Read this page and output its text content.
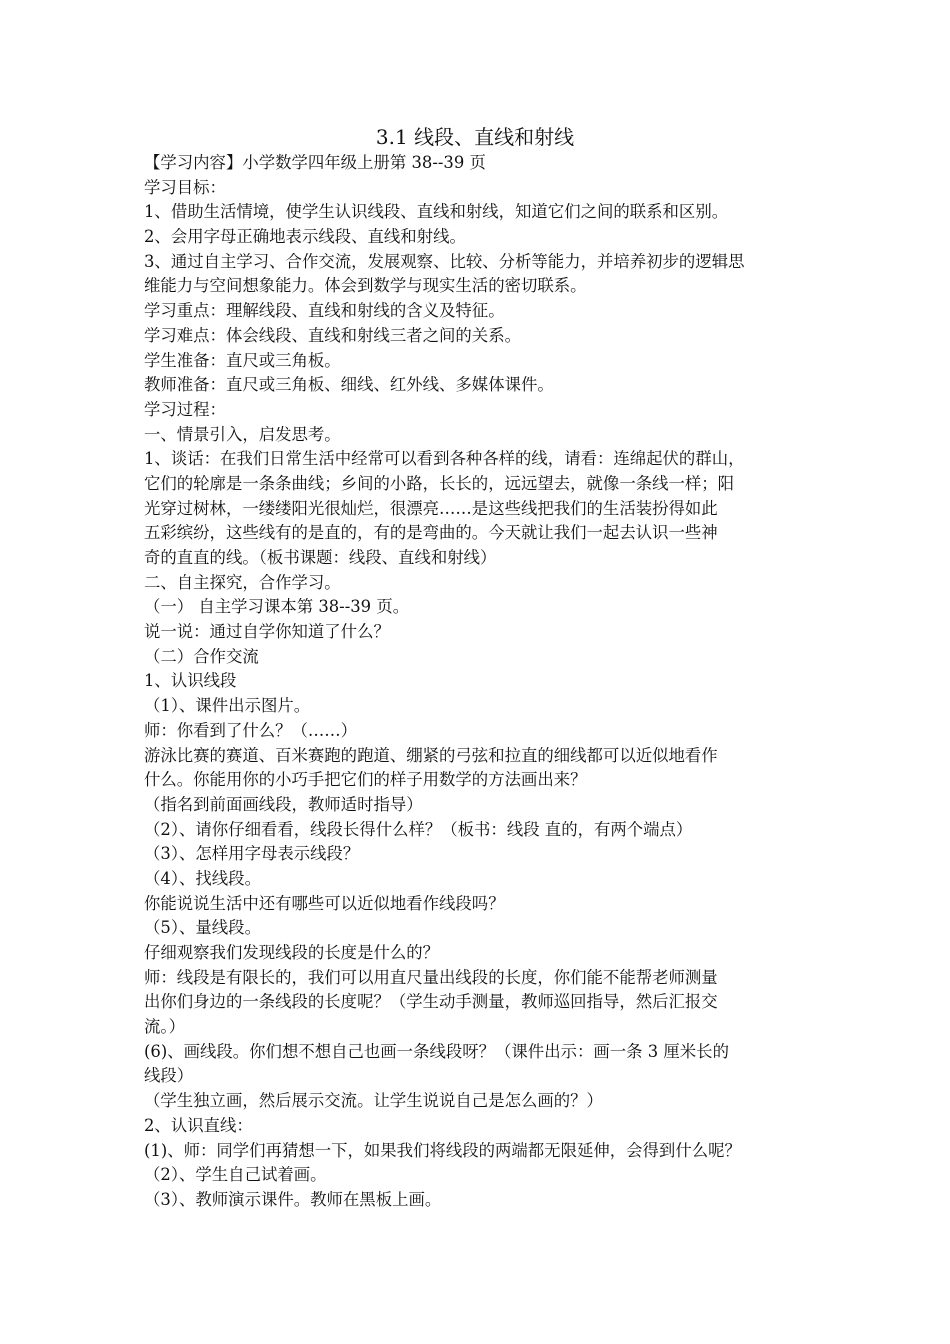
3.1 线段、直线和射线
【学习内容】小学数学四年级上册第 38--39 页
学习目标：
1、借助生活情境，使学生认识线段、直线和射线，知道它们之间的联系和区别。
2、会用字母正确地表示线段、直线和射线。
3、通过自主学习、合作交流，发展观察、比较、分析等能力，并培养初步的逻辑思
维能力与空间想象能力。体会到数学与现实生活的密切联系。
学习重点：理解线段、直线和射线的含义及特征。
学习难点：体会线段、直线和射线三者之间的关系。
学生准备：直尺或三角板。
教师准备：直尺或三角板、细线、红外线、多媒体课件。
学习过程：
一、情景引入，启发思考。
1、谈话：在我们日常生活中经常可以看到各种各样的线，请看：连绵起伏的群山，
它们的轮廓是一条条曲线；乡间的小路，长长的，远远望去，就像一条线一样；阳
光穿过树林，一缕缕阳光很灿烂，很漂亮……是这些线把我们的生活装扮得如此
五彩缤纷，这些线有的是直的，有的是弯曲的。今天就让我们一起去认识一些神
奇的直直的线。（板书课题：线段、直线和射线）
二、自主探究，合作学习。
（一） 自主学习课本第 38--39 页。
说一说：通过自学你知道了什么？
（二）合作交流
1、认识线段
（1）、课件出示图片。
师：你看到了什么？（……）
游泳比赛的赛道、百米赛跑的跑道、绷紧的弓弦和拉直的细线都可以近似地看作
什么。你能用你的小巧手把它们的样子用数学的方法画出来？
（指名到前面画线段，教师适时指导）
（2）、请你仔细看看，线段长得什么样？（板书：线段 直的，有两个端点）
（3）、怎样用字母表示线段？
（4）、找线段。
你能说说生活中还有哪些可以近似地看作线段吗？
（5）、量线段。
仔细观察我们发现线段的长度是什么的？
师：线段是有限长的，我们可以用直尺量出线段的长度，你们能不能帮老师测量
出你们身边的一条线段的长度呢？（学生动手测量，教师巡回指导，然后汇报交
流。）
(6)、画线段。你们想不想自己也画一条线段呀？（课件出示：画一条 3 厘米长的
线段）
（学生独立画，然后展示交流。让学生说说自己是怎么画的？）
2、认识直线：
(1)、师：同学们再猜想一下，如果我们将线段的两端都无限延伸，会得到什么呢？
（2）、学生自己试着画。
（3）、教师演示课件。教师在黑板上画。
